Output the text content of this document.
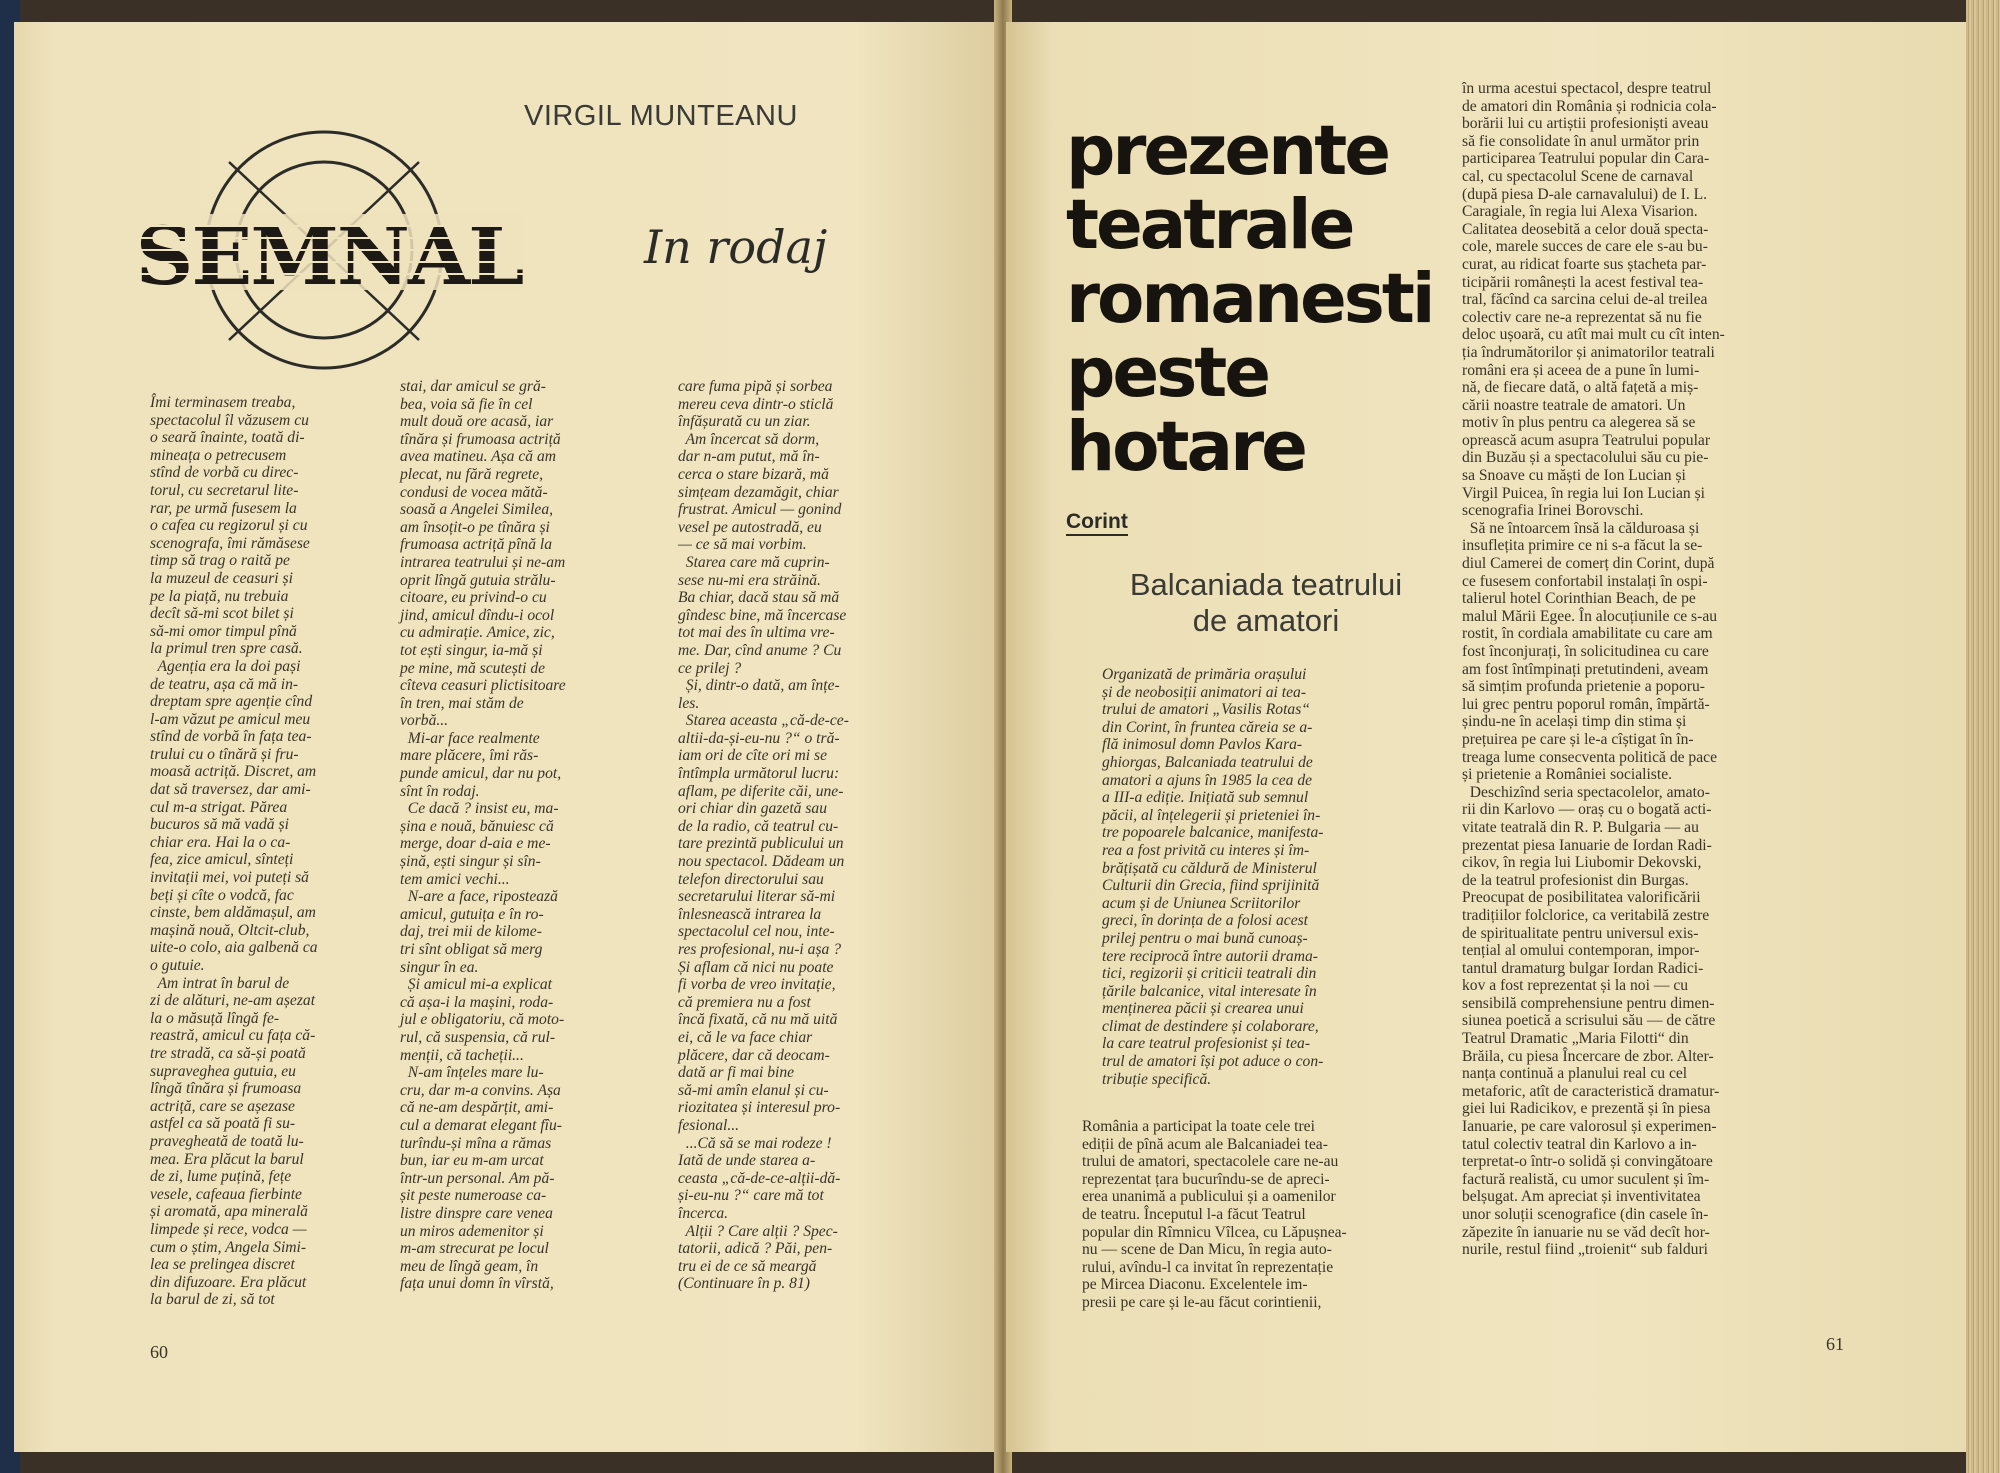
VIRGIL MUNTEANU
SEMNAL	In rodaj
Îmi terminasem treaba,
spectacolul îl văzusem cu
o seară înainte, toată di-
mineața o petrecusem
stînd de vorbă cu direc-
torul, cu secretarul lite-
rar, pe urmă fusesem la
o cafea cu regizorul și cu
scenografa, îmi rămăsese
timp să trag o raită pe
la muzeul de ceasuri și
pe la piață, nu trebuia
decît să-mi scot bilet și
să-mi omor timpul pînă
la primul tren spre casă.
Agenția era la doi pași
de teatru, așa că mă in-
dreptam spre agenție cînd
l-am văzut pe amicul meu
stînd de vorbă în fața tea-
trului cu o tînără și fru-
moasă actriță. Discret, am
dat să traversez, dar ami-
cul m-a strigat. Părea
bucuros să mă vadă și
chiar era. Hai la o ca-
fea, zice amicul, sînteți
invitații mei, voi puteți să
beți și cîte o vodcă, fac
cinste, bem aldămașul, am
mașină nouă, Oltcit-club,
uite-o colo, aia galbenă ca
o gutuie.
Am intrat în barul de
zi de alături, ne-am așezat
la o măsuță lîngă fe-
reastră, amicul cu fața că-
tre stradă, ca să-și poată
supraveghea gutuia, eu
lîngă tînăra și frumoasa
actriță, care se așezase
astfel ca să poată fi su-
pravegheată de toată lu-
mea. Era plăcut la barul
de zi, lume puțină, fețe
vesele, cafeaua fierbinte
și aromată, apa minerală
limpede și rece, vodca —
cum o știm, Angela Simi-
lea se prelingea discret
din difuzoare. Era plăcut
la barul de zi, să tot
stai, dar amicul se gră-
bea, voia să fie în cel
mult două ore acasă, iar
tînăra și frumoasa actriță
avea matineu. Așa că am
plecat, nu fără regrete,
condusi de vocea mătă-
soasă a Angelei Similea,
am însoțit-o pe tînăra și
frumoasa actriță pînă la
intrarea teatrului și ne-am
oprit lîngă gutuia strălu-
citoare, eu privind-o cu
jind, amicul dîndu-i ocol
cu admirație. Amice, zic,
tot ești singur, ia-mă și
pe mine, mă scutești de
cîteva ceasuri plictisitoare
în tren, mai stăm de
vorbă...
Mi-ar face realmente
mare plăcere, îmi răs-
punde amicul, dar nu pot,
sînt în rodaj.
Ce dacă ? insist eu, ma-
șina e nouă, bănuiesc că
merge, doar d-aia e me-
șină, ești singur și sîn-
tem amici vechi...
N-are a face, ripostează
amicul, gutuița e în ro-
daj, trei mii de kilome-
tri sînt obligat să merg
singur în ea.
Și amicul mi-a explicat
că așa-i la mașini, roda-
jul e obligatoriu, că moto-
rul, că suspensia, că rul-
menții, că tacheții...
N-am înțeles mare lu-
cru, dar m-a convins. Așa
că ne-am despărțit, ami-
cul a demarat elegant fîu-
turîndu-și mîna a rămas
bun, iar eu m-am urcat
într-un personal. Am pă-
șit peste numeroase ca-
listre dinspre care venea
un miros ademenitor și
m-am strecurat pe locul
meu de lîngă geam, în
fața unui domn în vîrstă,
care fuma pipă și sorbea
mereu ceva dintr-o sticlă
înfășurată cu un ziar.
Am încercat să dorm,
dar n-am putut, mă în-
cerca o stare bizară, mă
simțeam dezamăgit, chiar
frustrat. Amicul — gonind
vesel pe autostradă, eu
— ce să mai vorbim.
Starea care mă cuprin-
sese nu-mi era străină.
Ba chiar, dacă stau să mă
gîndesc bine, mă încercase
tot mai des în ultima vre-
me. Dar, cînd anume ? Cu
ce prilej ?
Și, dintr-o dată, am înțe-
les.
Starea aceasta „că-de-ce-
altii-da-și-eu-nu ?“ o tră-
iam ori de cîte ori mi se
întîmpla următorul lucru:
aflam, pe diferite căi, une-
ori chiar din gazetă sau
de la radio, că teatrul cu-
tare prezintă publicului un
nou spectacol. Dădeam un
telefon directorului sau
secretarului literar să-mi
înlesnească intrarea la
spectacolul cel nou, inte-
res profesional, nu-i așa ?
Și aflam că nici nu poate
fi vorba de vreo invitație,
că premiera nu a fost
încă fixată, că nu mă uită
ei, că le va face chiar
plăcere, dar că deocam-
dată ar fi mai bine
să-mi amîn elanul și cu-
riozitatea și interesul pro-
fesional...
...Că să se mai rodeze !
Iată de unde starea a-
ceasta „că-de-ce-alții-dă-
și-eu-nu ?“ care mă tot
încerca.
Alții ? Care alții ? Spec-
tatorii, adică ? Păi, pen-
tru ei de ce să meargă
(Continuare în p. 81)
60
prezente
teatrale
romanesti
peste
hotare
Corint
Balcaniada teatrului
de amatori
Organizată de primăria orașului
și de neobosiții animatori ai tea-
trului de amatori „Vasilis Rotas“
din Corint, în fruntea căreia se a-
flă inimosul domn Pavlos Kara-
ghiorgas, Balcaniada teatrului de
amatori a ajuns în 1985 la cea de
a III-a ediție. Inițiată sub semnul
păcii, al înțelegerii și prieteniei în-
tre popoarele balcanice, manifesta-
rea a fost privită cu interes și îm-
brățișată cu căldură de Ministerul
Culturii din Grecia, fiind sprijinită
acum și de Uniunea Scriitorilor
greci, în dorința de a folosi acest
prilej pentru o mai bună cunoaș-
tere reciprocă între autorii drama-
tici, regizorii și criticii teatrali din
țările balcanice, vital interesate în
menținerea păcii și crearea unui
climat de destindere și colaborare,
la care teatrul profesionist și tea-
trul de amatori își pot aduce o con-
tribuție specifică.
România a participat la toate cele trei
ediții de pînă acum ale Balcaniadei tea-
trului de amatori, spectacolele care ne-au
reprezentat țara bucurîndu-se de apreci-
erea unanimă a publicului și a oamenilor
de teatru. Începutul l-a făcut Teatrul
popular din Rîmnicu Vîlcea, cu Lăpușnea-
nu — scene de Dan Micu, în regia auto-
rului, avîndu-l ca invitat în reprezentație
pe Mircea Diaconu. Excelentele im-
presii pe care și le-au făcut corintienii,
în urma acestui spectacol, despre teatrul
de amatori din România și rodnicia cola-
borării lui cu artiștii profesioniști aveau
să fie consolidate în anul următor prin
participarea Teatrului popular din Cara-
cal, cu spectacolul Scene de carnaval
(după piesa D-ale carnavalului) de I. L.
Caragiale, în regia lui Alexa Visarion.
Calitatea deosebită a celor două specta-
cole, marele succes de care ele s-au bu-
curat, au ridicat foarte sus ștacheta par-
ticipării românești la acest festival tea-
tral, făcînd ca sarcina celui de-al treilea
colectiv care ne-a reprezentat să nu fie
deloc ușoară, cu atît mai mult cu cît inten-
ția îndrumătorilor și animatorilor teatrali
români era și aceea de a pune în lumi-
nă, de fiecare dată, o altă fațetă a miș-
cării noastre teatrale de amatori. Un
motiv în plus pentru ca alegerea să se
oprească acum asupra Teatrului popular
din Buzău și a spectacolului său cu pie-
sa Snoave cu măști de Ion Lucian și
Virgil Puicea, în regia lui Ion Lucian și
scenografia Irinei Borovschi.
Să ne întoarcem însă la călduroasa și
insuflețita primire ce ni s-a făcut la se-
diul Camerei de comerț din Corint, după
ce fusesem confortabil instalați în ospi-
talierul hotel Corinthian Beach, de pe
malul Mării Egee. În alocuțiunile ce s-au
rostit, în cordiala amabilitate cu care am
fost înconjurați, în solicitudinea cu care
am fost întîmpinați pretutindeni, aveam
să simțim profunda prietenie a poporu-
lui grec pentru poporul român, împărtă-
șindu-ne în același timp din stima și
prețuirea pe care și le-a cîștigat în în-
treaga lume consecventa politică de pace
și prietenie a României socialiste.
Deschizînd seria spectacolelor, amato-
rii din Karlovo — oraș cu o bogată acti-
vitate teatrală din R. P. Bulgaria — au
prezentat piesa Ianuarie de Iordan Radi-
cikov, în regia lui Liubomir Dekovski,
de la teatrul profesionist din Burgas.
Preocupat de posibilitatea valorificării
tradițiilor folclorice, ca veritabilă zestre
de spiritualitate pentru universul exis-
tențial al omului contemporan, impor-
tantul dramaturg bulgar Iordan Radici-
kov a fost reprezentat și la noi — cu
sensibilă comprehensiune pentru dimen-
siunea poetică a scrisului său — de către
Teatrul Dramatic „Maria Filotti“ din
Brăila, cu piesa Încercare de zbor. Alter-
nanța continuă a planului real cu cel
metaforic, atît de caracteristică dramatur-
giei lui Radicikov, e prezentă și în piesa
Ianuarie, pe care valorosul și experimen-
tatul colectiv teatral din Karlovo a in-
terpretat-o într-o solidă și convingătoare
factură realistă, cu umor suculent și îm-
belșugat. Am apreciat și inventivitatea
unor soluții scenografice (din casele în-
zăpezite în ianuarie nu se văd decît hor-
nurile, restul fiind „troienit“ sub falduri
61
